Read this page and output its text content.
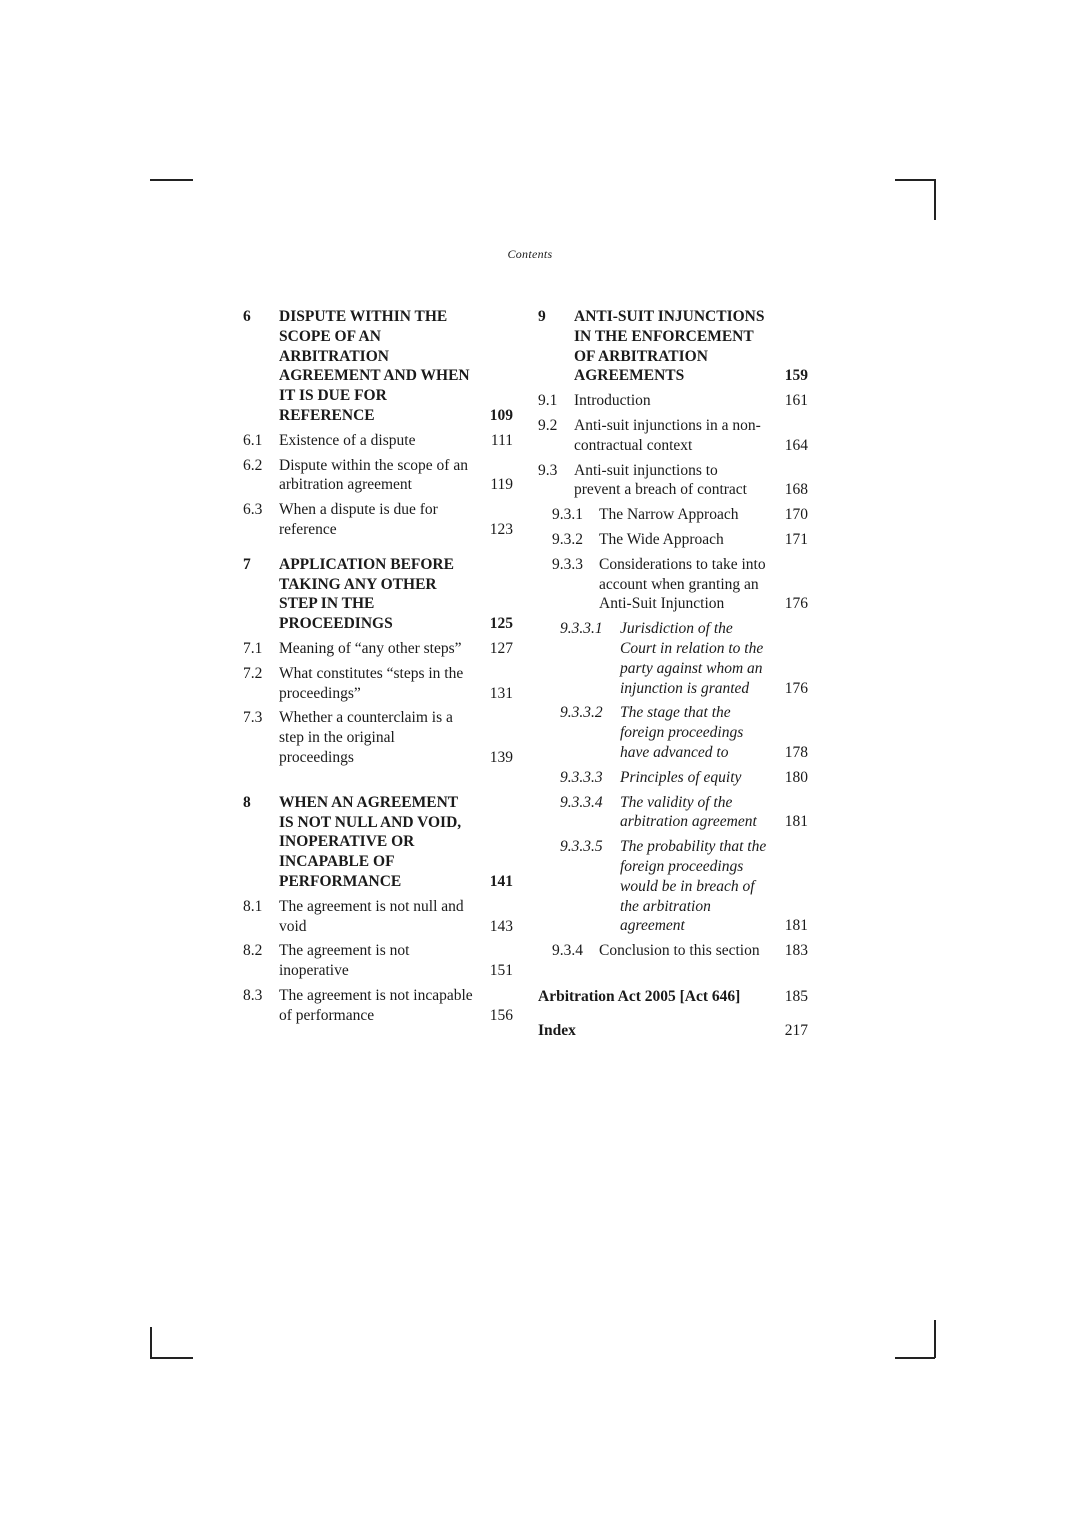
Contents
6 DISPUTE WITHIN THE SCOPE OF AN ARBITRATION AGREEMENT AND WHEN IT IS DUE FOR REFERENCE	109
6.1 Existence of a dispute	111
6.2 Dispute within the scope of an arbitration agreement	119
6.3 When a dispute is due for reference	123
7 APPLICATION BEFORE TAKING ANY OTHER STEP IN THE PROCEEDINGS	125
7.1 Meaning of “any other steps”	127
7.2 What constitutes “steps in the proceedings”	131
7.3 Whether a counterclaim is a step in the original proceedings	139
8 WHEN AN AGREEMENT IS NOT NULL AND VOID, INOPERATIVE OR INCAPABLE OF PERFORMANCE	141
8.1 The agreement is not null and void	143
8.2 The agreement is not inoperative	151
8.3 The agreement is not incapable of performance	156
9 ANTI-SUIT INJUNCTIONS IN THE ENFORCEMENT OF ARBITRATION AGREEMENTS	159
9.1 Introduction	161
9.2 Anti-suit injunctions in a non-contractual context	164
9.3 Anti-suit injunctions to prevent a breach of contract	168
9.3.1 The Narrow Approach	170
9.3.2 The Wide Approach	171
9.3.3 Considerations to take into account when granting an Anti-Suit Injunction	176
9.3.3.1 Jurisdiction of the Court in relation to the party against whom an injunction is granted	176
9.3.3.2 The stage that the foreign proceedings have advanced to	178
9.3.3.3 Principles of equity	180
9.3.3.4 The validity of the arbitration agreement	181
9.3.3.5 The probability that the foreign proceedings would be in breach of the arbitration agreement	181
9.3.4 Conclusion to this section	183
Arbitration Act 2005 [Act 646]	185
Index	217
